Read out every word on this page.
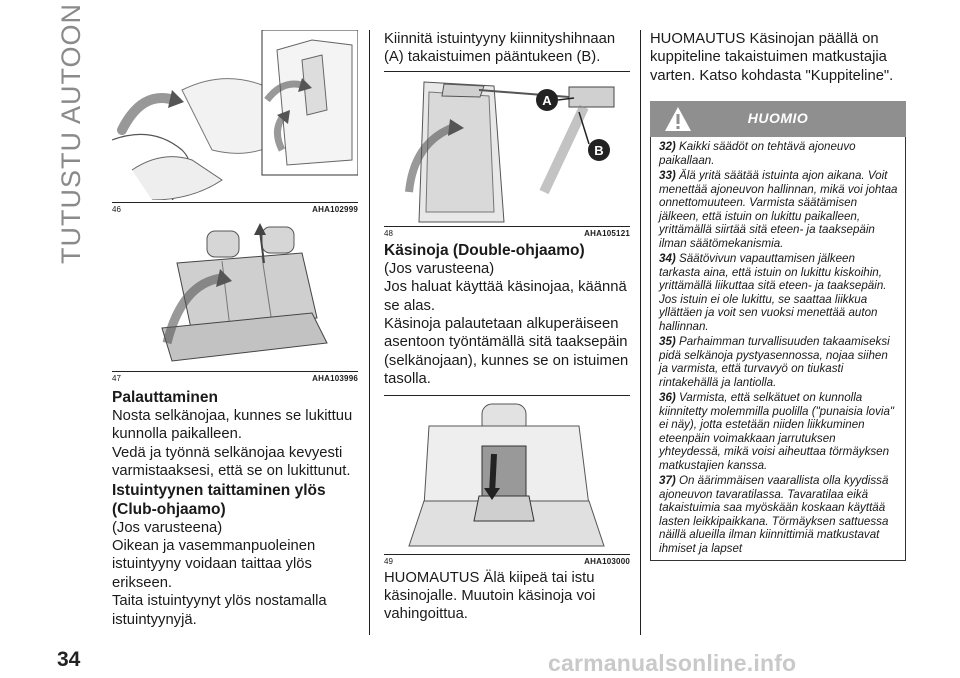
TUTUSTU AUTOON	46	AHA102999
47	AHA103996
Palauttaminen

Nosta selkänojaa, kunnes se lukittuu kunnolla paikalleen.

Vedä ja työnnä selkänojaa kevyesti varmistaaksesi, että se on lukittunut.

Istuintyynen taittaminen ylös (Club-ohjaamo)

(Jos varusteena)

Oikean ja vasemmanpuoleinen istuintyyny voidaan taittaa ylös erikseen.

Taita istuintyynyt ylös nostamalla istuintyynyjä.

Kiinnitä istuintyyny kiinnityshihnaan (A) takaistuimen pääntukeen (B).

A
B
48	AHA105121
Käsinoja (Double-ohjaamo)

(Jos varusteena)

Jos haluat käyttää käsinojaa, käännä se alas.

Käsinoja palautetaan alkuperäiseen asentoon työntämällä sitä taaksepäin (selkänojaan), kunnes se on istuimen tasolla.

49	AHA103000

HUOMAUTUS Älä kiipeä tai istu käsinojalle. Muutoin käsinoja voi vahingoittua.

HUOMAUTUS Käsinojan päällä on kuppiteline takaistuimen matkustajia varten. Katso kohdasta "Kuppiteline".

HUOMIO

32) Kaikki säädöt on tehtävä ajoneuvo paikallaan.

33) Älä yritä säätää istuinta ajon aikana. Voit menettää ajoneuvon hallinnan, mikä voi johtaa onnettomuuteen. Varmista säätämisen jälkeen, että istuin on lukittu paikalleen, yrittämällä siirtää sitä eteen- ja taaksepäin ilman säätömekanismia.

34) Säätövivun vapauttamisen jälkeen tarkasta aina, että istuin on lukittu kiskoihin, yrittämällä liikuttaa sitä eteen- ja taaksepäin. Jos istuin ei ole lukittu, se saattaa liikkua yllättäen ja voit sen vuoksi menettää auton hallinnan.

35) Parhaimman turvallisuuden takaamiseksi pidä selkänoja pystyasennossa, nojaa siihen ja varmista, että turvavyö on tiukasti rintakehällä ja lantiolla.

36) Varmista, että selkätuet on kunnolla kiinnitetty molemmilla puolilla ("punaisia lovia" ei näy), jotta estetään niiden liikkuminen eteenpäin voimakkaan jarrutuksen yhteydessä, mikä voisi aiheuttaa törmäyksen matkustajien kanssa.

37) On äärimmäisen vaarallista olla kyydissä ajoneuvon tavaratilassa. Tavaratilaa eikä takaistuimia saa myöskään koskaan käyttää lasten leikkipaikkana. Törmäyksen sattuessa näillä alueilla ilman kiinnittimiä matkustavat ihmiset ja lapset

34	carmanualsonline.info
